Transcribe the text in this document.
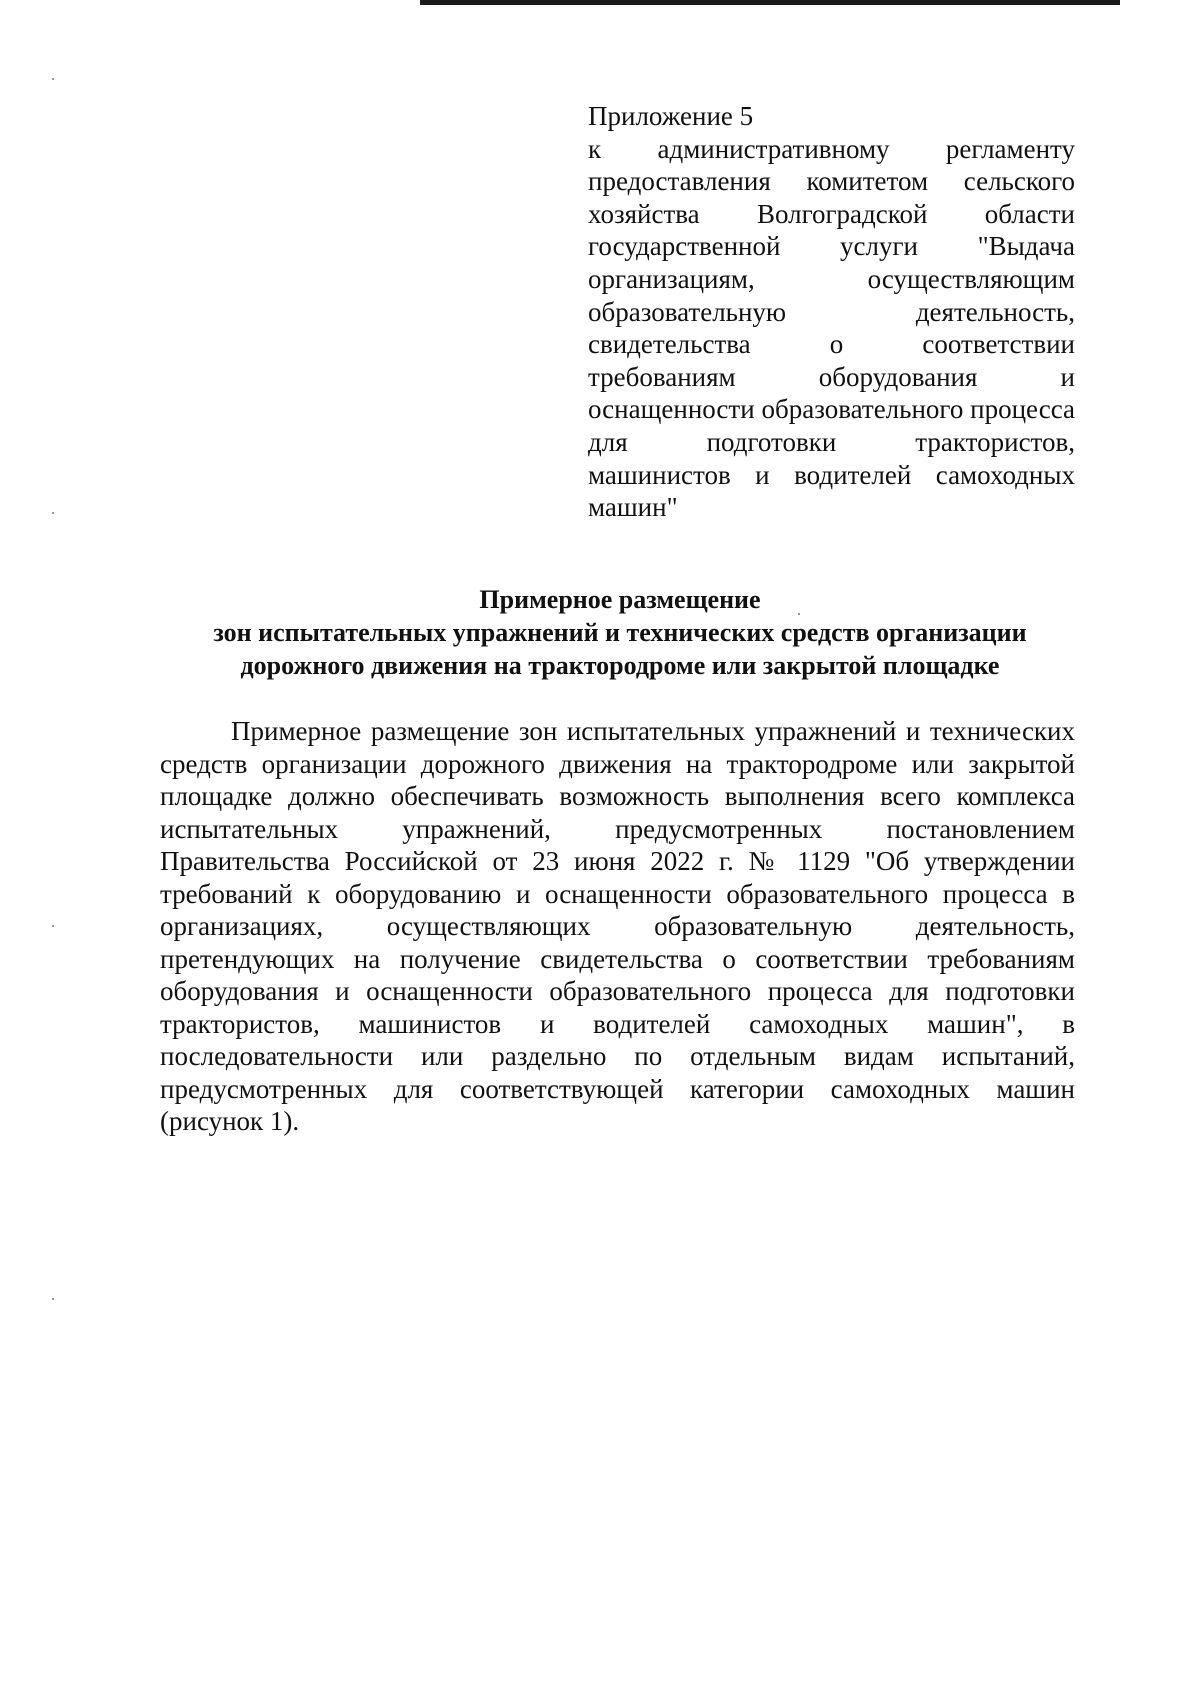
Приложение 5
к административному регламенту предоставления комитетом сельского хозяйства Волгоградской области государственной услуги "Выдача организациям, осуществляющим образовательную деятельность, свидетельства о соответствии требованиям оборудования и оснащенности образовательного процесса для подготовки трактористов, машинистов и водителей самоходных машин"
Примерное размещение
зон испытательных упражнений и технических средств организации
дорожного движения на трактородроме или закрытой площадке
Примерное размещение зон испытательных упражнений и технических средств организации дорожного движения на трактородроме или закрытой площадке должно обеспечивать возможность выполнения всего комплекса испытательных упражнений, предусмотренных постановлением Правительства Российской от 23 июня 2022 г. № 1129 "Об утверждении требований к оборудованию и оснащенности образовательного процесса в организациях, осуществляющих образовательную деятельность, претендующих на получение свидетельства о соответствии требованиям оборудования и оснащенности образовательного процесса для подготовки трактористов, машинистов и водителей самоходных машин", в последовательности или раздельно по отдельным видам испытаний, предусмотренных для соответствующей категории самоходных машин (рисунок 1).
